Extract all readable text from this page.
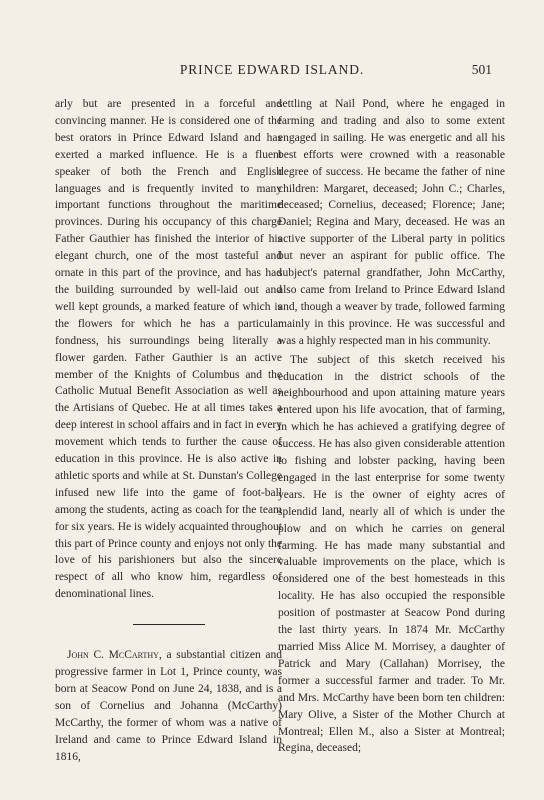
PRINCE EDWARD ISLAND.	501

arly but are presented in a forceful and convincing manner. He is considered one of the best orators in Prince Edward Island and has exerted a marked influence. He is a fluent speaker of both the French and English languages and is frequently invited to many important functions throughout the maritime provinces. During his occupancy of this charge Father Gauthier has finished the interior of his elegant church, one of the most tasteful and ornate in this part of the province, and has had the building surrounded by well-laid out and well kept grounds, a marked feature of which is the flowers for which he has a particular fondness, his surroundings being literally a flower garden. Father Gauthier is an active member of the Knights of Columbus and the Catholic Mutual Benefit Association as well as the Artisians of Quebec. He at all times takes a deep interest in school affairs and in fact in every movement which tends to further the cause of education in this province. He is also active in athletic sports and while at St. Dunstan's College infused new life into the game of foot-ball among the students, acting as coach for the team for six years. He is widely acquainted throughout this part of Prince county and enjoys not only the love of his parishioners but also the sincere respect of all who know him, regardless of denominational lines.

John C. McCarthy, a substantial citizen and progressive farmer in Lot 1, Prince county, was born at Seacow Pond on June 24, 1838, and is a son of Cornelius and Johanna (McCarthy) McCarthy, the former of whom was a native of Ireland and came to Prince Edward Island in 1816,

settling at Nail Pond, where he engaged in farming and trading and also to some extent engaged in sailing. He was energetic and all his best efforts were crowned with a reasonable degree of success. He became the father of nine children: Margaret, deceased; John C.; Charles, deceased; Cornelius, deceased; Florence; Jane; Daniel; Regina and Mary, deceased. He was an active supporter of the Liberal party in politics but never an aspirant for public office. The subject's paternal grandfather, John McCarthy, also came from Ireland to Prince Edward Island and, though a weaver by trade, followed farming mainly in this province. He was successful and was a highly respected man in his community.

The subject of this sketch received his education in the district schools of the neighbourhood and upon attaining mature years entered upon his life avocation, that of farming, in which he has achieved a gratifying degree of success. He has also given considerable attention to fishing and lobster packing, having been engaged in the last enterprise for some twenty years. He is the owner of eighty acres of splendid land, nearly all of which is under the plow and on which he carries on general farming. He has made many substantial and valuable improvements on the place, which is considered one of the best homesteads in this locality. He has also occupied the responsible position of postmaster at Seacow Pond during the last thirty years. In 1874 Mr. McCarthy married Miss Alice M. Morrisey, a daughter of Patrick and Mary (Callahan) Morrisey, the former a successful farmer and trader. To Mr. and Mrs. McCarthy have been born ten children: Mary Olive, a Sister of the Mother Church at Montreal; Ellen M., also a Sister at Montreal; Regina, deceased;
